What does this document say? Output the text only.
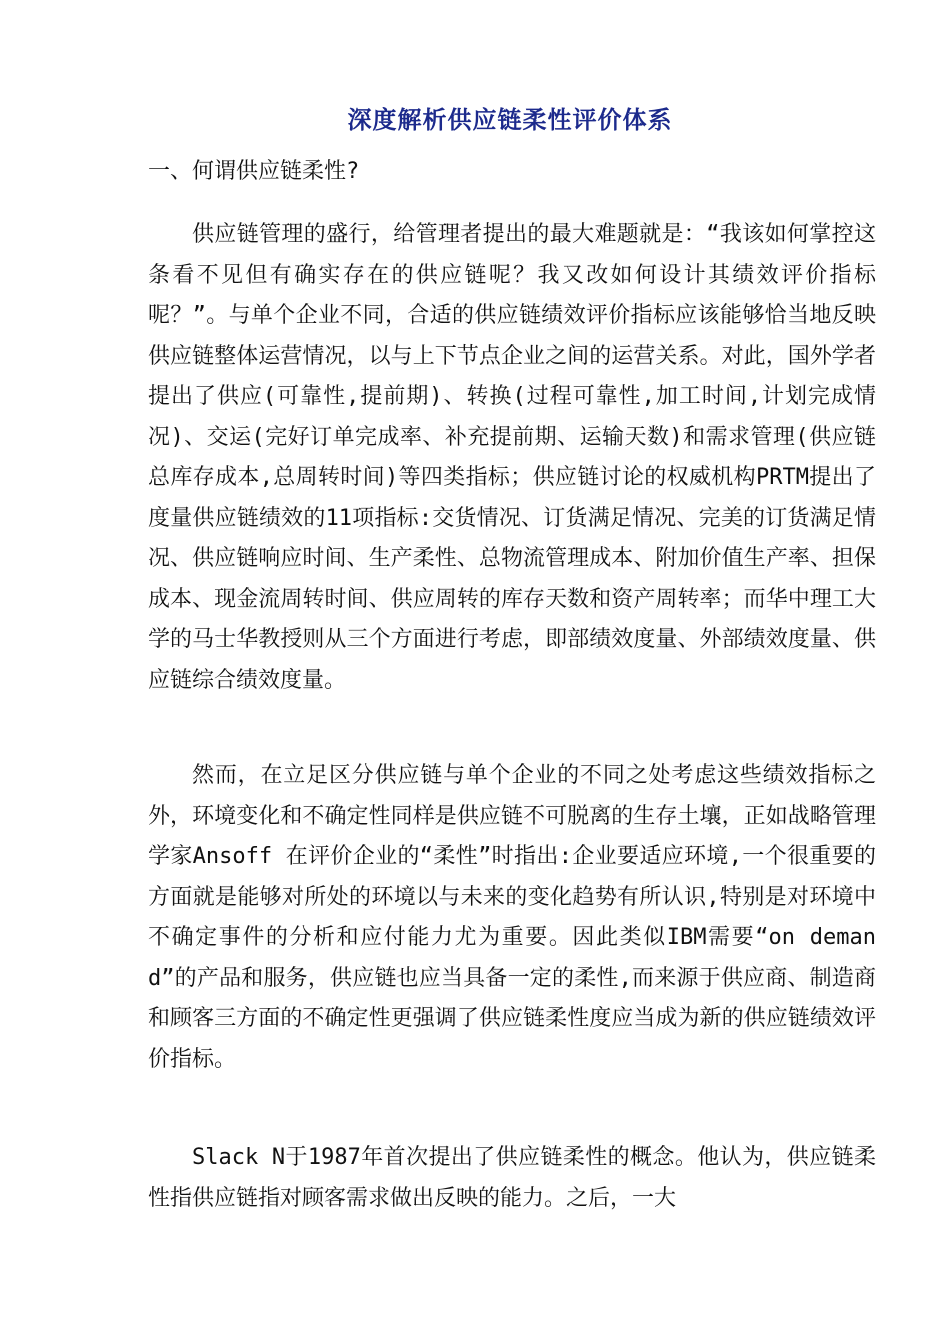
深度解析供应链柔性评价体系
一、何谓供应链柔性?

供应链管理的盛行，给管理者提出的最大难题就是：“我该如何掌控这条看不见但有确实存在的供应链呢？我又改如何设计其绩效评价指标呢？”。与单个企业不同，合适的供应链绩效评价指标应该能够恰当地反映供应链整体运营情况，以与上下节点企业之间的运营关系。对此，国外学者提出了供应(可靠性,提前期)、转换(过程可靠性,加工时间,计划完成情况)、交运(完好订单完成率、补充提前期、运输天数)和需求管理(供应链总库存成本,总周转时间)等四类指标；供应链讨论的权威机构PRTM提出了度量供应链绩效的11项指标:交货情况、订货满足情况、完美的订货满足情况、供应链响应时间、生产柔性、总物流管理成本、附加价值生产率、担保成本、现金流周转时间、供应周转的库存天数和资产周转率；而华中理工大学的马士华教授则从三个方面进行考虑，即部绩效度量、外部绩效度量、供应链综合绩效度量。

然而，在立足区分供应链与单个企业的不同之处考虑这些绩效指标之外，环境变化和不确定性同样是供应链不可脱离的生存土壤，正如战略管理学家Ansoff 在评价企业的“柔性”时指出:企业要适应环境,一个很重要的方面就是能够对所处的环境以与未来的变化趋势有所认识,特别是对环境中不确定事件的分析和应付能力尤为重要。因此类似IBM需要“on demand”的产品和服务，供应链也应当具备一定的柔性,而来源于供应商、制造商和顾客三方面的不确定性更强调了供应链柔性度应当成为新的供应链绩效评价指标。

Slack N于1987年首次提出了供应链柔性的概念。他认为，供应链柔性指供应链指对顾客需求做出反映的能力。之后，一大
